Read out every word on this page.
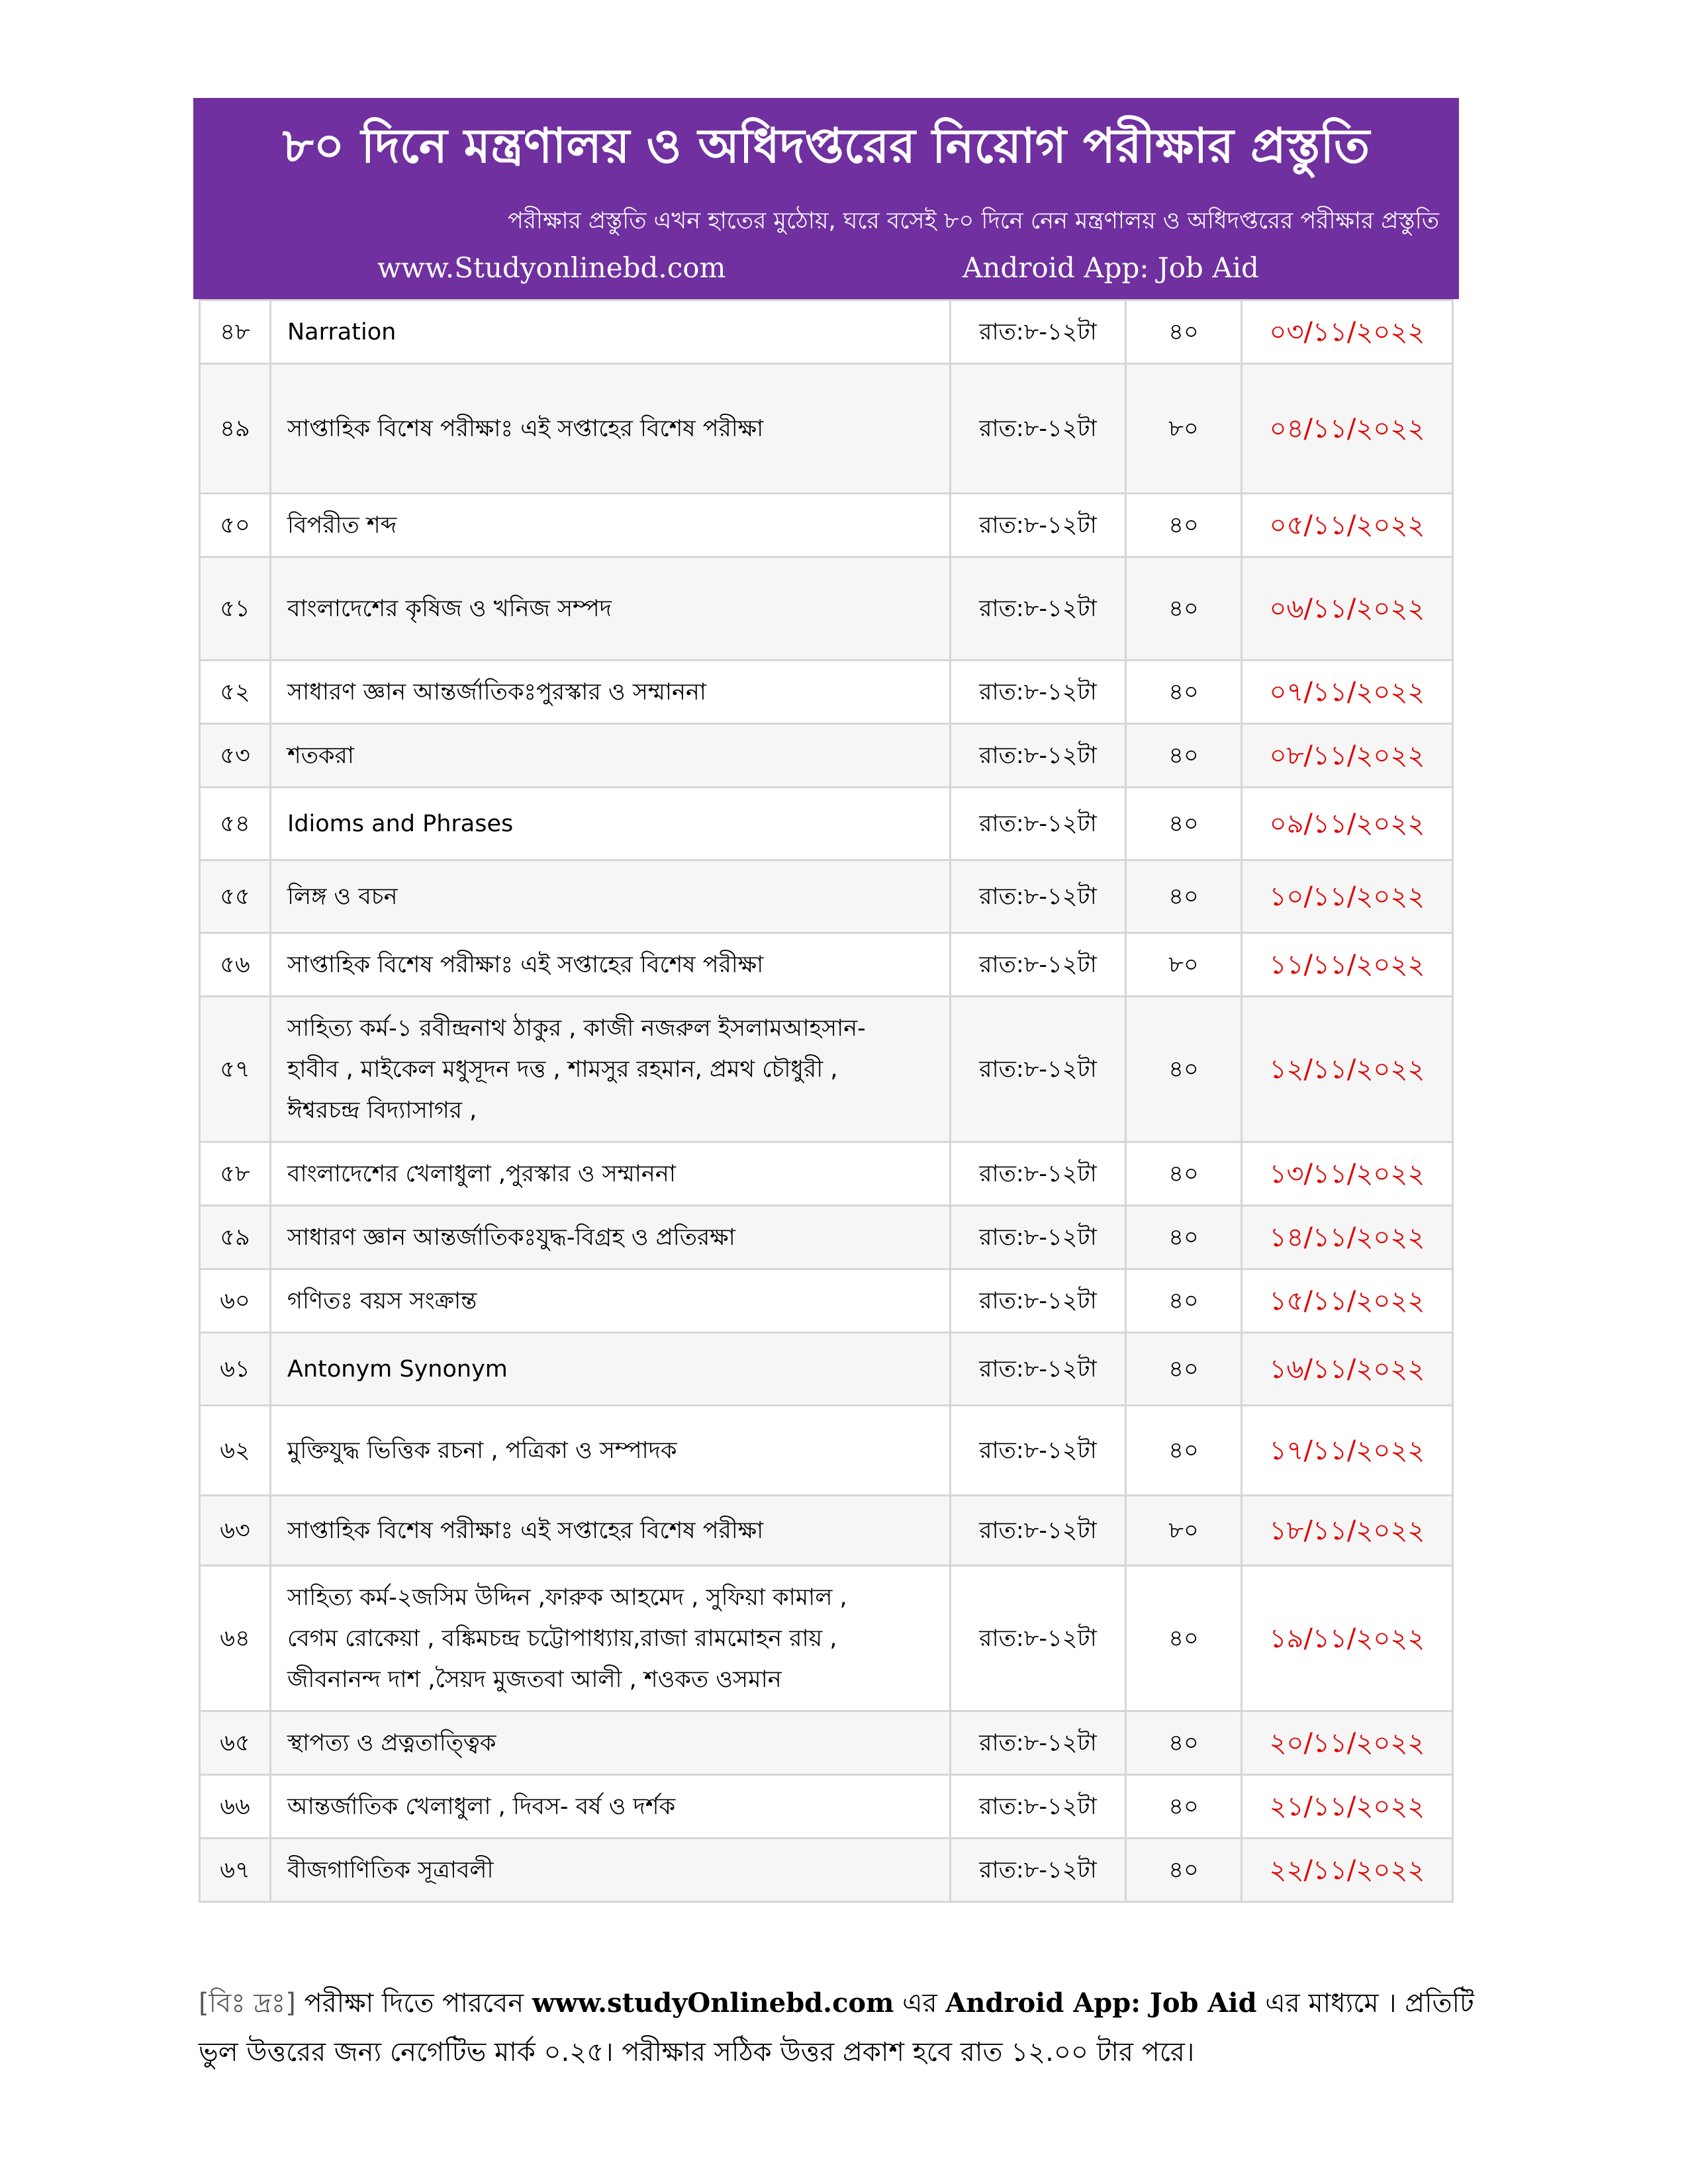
৮০ দিনে মন্ত্রণালয় ও অধিদপ্তরের নিয়োগ পরীক্ষার প্রস্তুতি
পরীক্ষার প্রস্তুতি এখন হাতের মুঠোয়, ঘরে বসেই ৮০ দিনে নেন মন্ত্রণালয় ও অধিদপ্তরের পরীক্ষার প্রস্তুতি
www.Studyonlinebd.com	Android App: Job Aid
৪৮	Narration	রাত:৮-১২টা	৪০	০৩/১১/২০২২
৪৯	সাপ্তাহিক বিশেষ পরীক্ষাঃ এই সপ্তাহের বিশেষ পরীক্ষা	রাত:৮-১২টা	৮০	০৪/১১/২০২২
৫০	বিপরীত শব্দ	রাত:৮-১২টা	৪০	০৫/১১/২০২২
৫১	বাংলাদেশের কৃষিজ ও খনিজ সম্পদ	রাত:৮-১২টা	৪০	০৬/১১/২০২২
৫২	সাধারণ জ্ঞান আন্তর্জাতিকঃপুরস্কার ও সম্মাননা	রাত:৮-১২টা	৪০	০৭/১১/২০২২
৫৩	শতকরা	রাত:৮-১২টা	৪০	০৮/১১/২০২২
৫৪	Idioms and Phrases	রাত:৮-১২টা	৪০	০৯/১১/২০২২
৫৫	লিঙ্গ ও বচন	রাত:৮-১২টা	৪০	১০/১১/২০২২
৫৬	সাপ্তাহিক বিশেষ পরীক্ষাঃ এই সপ্তাহের বিশেষ পরীক্ষা	রাত:৮-১২টা	৮০	১১/১১/২০২২
৫৭	সাহিত্য কর্ম-১ রবীন্দ্রনাথ ঠাকুর , কাজী নজরুল ইসলামআহসান-
হাবীব , মাইকেল মধুসূদন দত্ত , শামসুর রহমান, প্রমথ চৌধুরী ,
ঈশ্বরচন্দ্র বিদ্যাসাগর ,	রাত:৮-১২টা	৪০	১২/১১/২০২২
৫৮	বাংলাদেশের খেলাধুলা ,পুরস্কার ও সম্মাননা	রাত:৮-১২টা	৪০	১৩/১১/২০২২
৫৯	সাধারণ জ্ঞান আন্তর্জাতিকঃযুদ্ধ-বিগ্রহ ও প্রতিরক্ষা	রাত:৮-১২টা	৪০	১৪/১১/২০২২
৬০	গণিতঃ বয়স সংক্রান্ত	রাত:৮-১২টা	৪০	১৫/১১/২০২২
৬১	Antonym Synonym	রাত:৮-১২টা	৪০	১৬/১১/২০২২
৬২	মুক্তিযুদ্ধ ভিত্তিক রচনা , পত্রিকা ও সম্পাদক	রাত:৮-১২টা	৪০	১৭/১১/২০২২
৬৩	সাপ্তাহিক বিশেষ পরীক্ষাঃ এই সপ্তাহের বিশেষ পরীক্ষা	রাত:৮-১২টা	৮০	১৮/১১/২০২২
৬৪	সাহিত্য কর্ম-২জসিম উদ্দিন ,ফারুক আহমেদ , সুফিয়া কামাল ,
বেগম রোকেয়া , বঙ্কিমচন্দ্র চট্টোপাধ্যায়,রাজা রামমোহন রায় ,
জীবনানন্দ দাশ ,সৈয়দ মুজতবা আলী , শওকত ওসমান	রাত:৮-১২টা	৪০	১৯/১১/২০২২
৬৫	স্থাপত্য ও প্রত্নতাত্ত্বিক	রাত:৮-১২টা	৪০	২০/১১/২০২২
৬৬	আন্তর্জাতিক খেলাধুলা , দিবস- বর্ষ ও দর্শক	রাত:৮-১২টা	৪০	২১/১১/২০২২
৬৭	বীজগাণিতিক সূত্রাবলী	রাত:৮-১২টা	৪০	২২/১১/২০২২
[বিঃ দ্রঃ] পরীক্ষা দিতে পারবেন www.studyOnlinebd.com এর Android App: Job Aid এর মাধ্যমে । প্রতিটি ভুল উত্তরের জন্য নেগেটিভ মার্ক ০.২৫। পরীক্ষার সঠিক উত্তর প্রকাশ হবে রাত ১২.০০ টার পরে।
